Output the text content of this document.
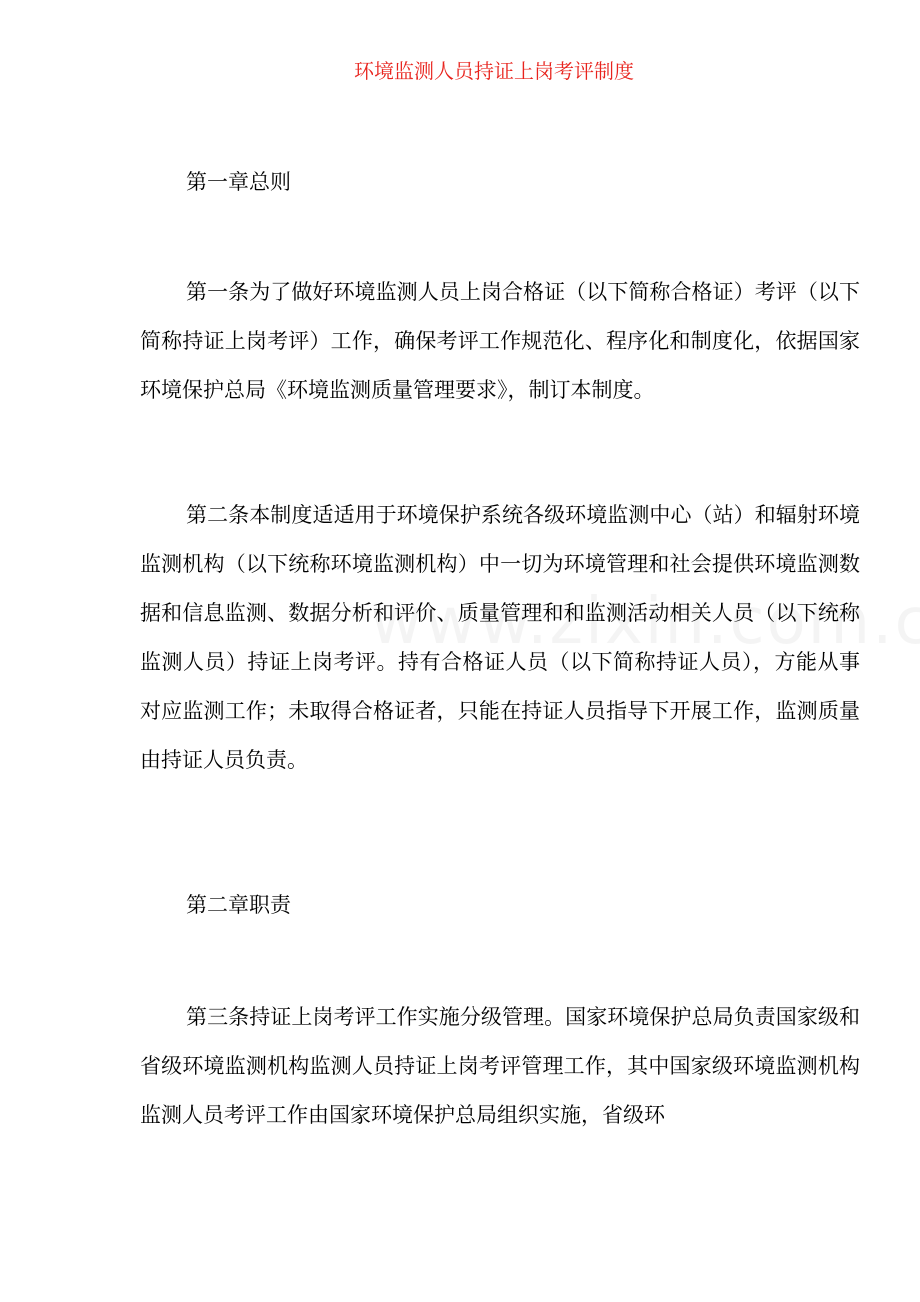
环境监测人员持证上岗考评制度
第一章总则
第一条为了做好环境监测人员上岗合格证（以下简称合格证）考评（以下简称持证上岗考评）工作，确保考评工作规范化、程序化和制度化，依据国家环境保护总局《环境监测质量管理要求》，制订本制度。
第二条本制度适适用于环境保护系统各级环境监测中心（站）和辐射环境监测机构（以下统称环境监测机构）中一切为环境管理和社会提供环境监测数据和信息监测、数据分析和评价、质量管理和和监测活动相关人员（以下统称监测人员）持证上岗考评。持有合格证人员（以下简称持证人员），方能从事对应监测工作；未取得合格证者，只能在持证人员指导下开展工作，监测质量由持证人员负责。
第二章职责
第三条持证上岗考评工作实施分级管理。国家环境保护总局负责国家级和省级环境监测机构监测人员持证上岗考评管理工作，其中国家级环境监测机构监测人员考评工作由国家环境保护总局组织实施，省级环
